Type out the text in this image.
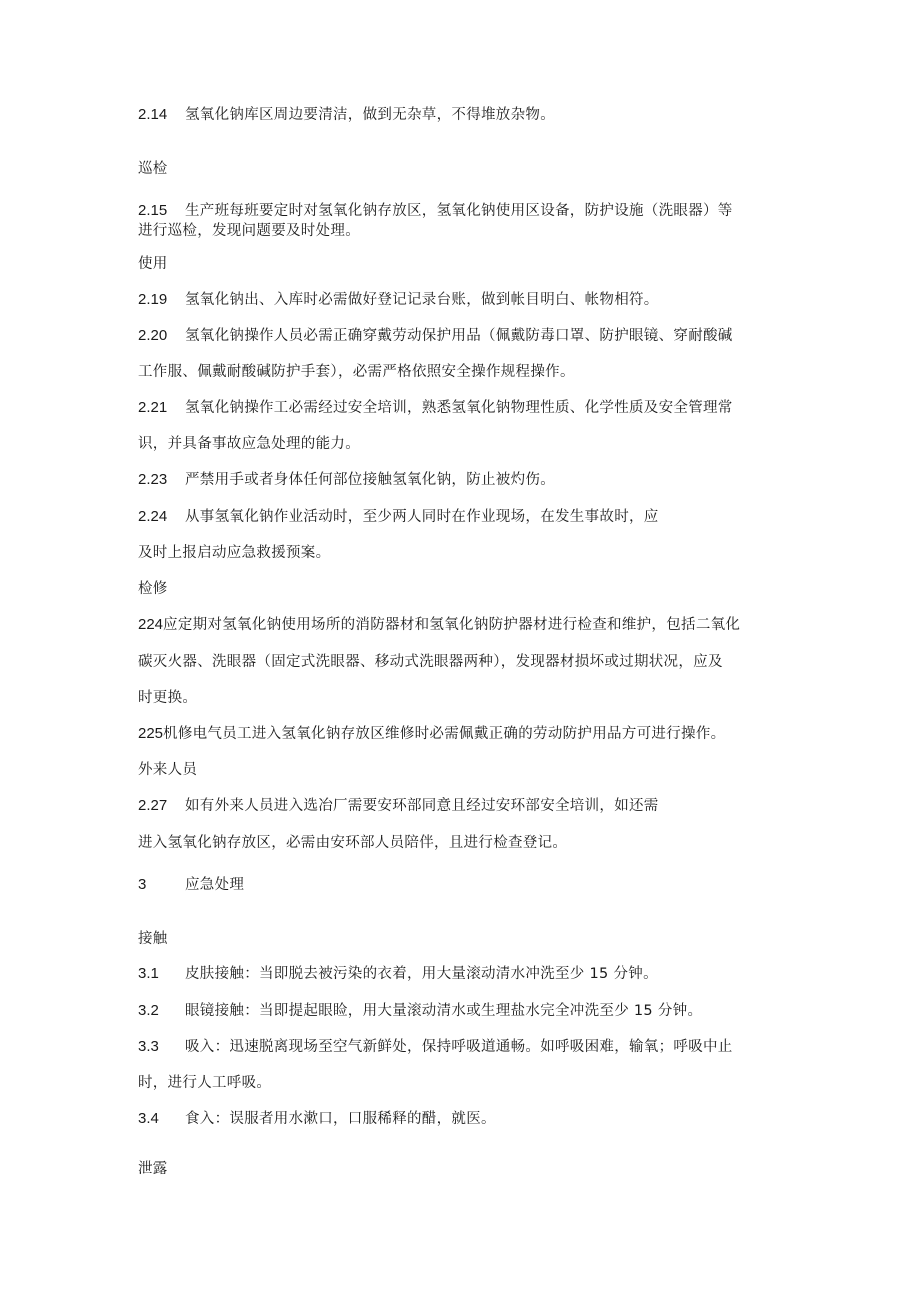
2.14 氢氧化钠库区周边要清洁，做到无杂草，不得堆放杂物。
巡检
2.15 生产班每班要定时对氢氧化钠存放区，氢氧化钠使用区设备，防护设施（洗眼器）等
进行巡检，发现问题要及时处理。
使用
2.19 氢氧化钠出、入库时必需做好登记记录台账，做到帐目明白、帐物相符。
2.20 氢氧化钠操作人员必需正确穿戴劳动保护用品（佩戴防毒口罩、防护眼镜、穿耐酸碱
工作服、佩戴耐酸碱防护手套），必需严格依照安全操作规程操作。
2.21 氢氧化钠操作工必需经过安全培训，熟悉氢氧化钠物理性质、化学性质及安全管理常
识，并具备事故应急处理的能力。
2.23 严禁用手或者身体任何部位接触氢氧化钠，防止被灼伤。
2.24 从事氢氧化钠作业活动时，至少两人同时在作业现场，在发生事故时，应
及时上报启动应急救援预案。
检修
224应定期对氢氧化钠使用场所的消防器材和氢氧化钠防护器材进行检查和维护，包括二氧化
碳灭火器、洗眼器（固定式洗眼器、移动式洗眼器两种），发现器材损坏或过期状况，应及
时更换。
225机修电气员工进入氢氧化钠存放区维修时必需佩戴正确的劳动防护用品方可进行操作。
外来人员
2.27 如有外来人员进入选冶厂需要安环部同意且经过安环部安全培训，如还需
进入氢氧化钠存放区，必需由安环部人员陪伴，且进行检查登记。
3	应急处理
接触
3.1 皮肤接触：当即脱去被污染的衣着，用大量滚动清水冲洗至少 15 分钟。
3.2 眼镜接触：当即提起眼睑，用大量滚动清水或生理盐水完全冲洗至少 15 分钟。
3.3 吸入：迅速脱离现场至空气新鲜处，保持呼吸道通畅。如呼吸困难，输氧；呼吸中止
时，进行人工呼吸。
3.4 食入：误服者用水漱口，口服稀释的醋，就医。
泄露
